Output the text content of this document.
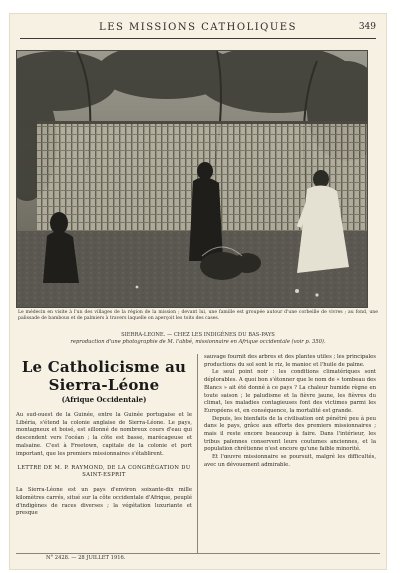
LES MISSIONS CATHOLIQUES	349
Le médecin en visite à l'un des villages de la région de la mission ; devant lui, une famille est groupée autour d'une corbeille de vivres ; au fond, une palissade de bambous et de palmiers à travers laquelle on aperçoit les toits des cases.
SIERRA-LEONE. — CHEZ LES INDIGÈNES DU BAS-PAYS
reproduction d'une photographie de M. l'abbé, missionnaire en Afrique occidentale (voir p. 350).
Le Catholicisme au Sierra-Léone
(Afrique Occidentale)
Au sud-ouest de la Guinée, entre la Guinée portugaise et le Libéria, s'étend la colonie anglaise de Sierra-Léone. Le pays, montagneux et boisé, est sillonné de nombreux cours d'eau qui descendent vers l'océan ; la côte est basse, marécageuse et malsaine. C'est à Freetown, capitale de la colonie et port important, que les premiers missionnaires s'établirent.
LETTRE DE M. P. RAYMOND, DE LA CONGRÉGATION DU SAINT-ESPRIT
La Sierra-Léone est un pays d'environ soixante-dix mille kilomètres carrés, situé sur la côte occidentale d'Afrique, peuplé d'indigènes de races diverses ; la végétation luxuriante et presque
sauvage fournit des arbres et des plantes utiles ; les principales productions du sol sont le riz, le manioc et l'huile de palme.
Le seul point noir : les conditions climatériques sont déplorables. A quoi bon s'étonner que le nom de « tombeau des Blancs » ait été donné à ce pays ? La chaleur humide règne en toute saison ; le paludisme et la fièvre jaune, les fièvres du climat, les maladies contagieuses font des victimes parmi les Européens et, en conséquence, la mortalité est grande.
Depuis, les bienfaits de la civilisation ont pénétré peu à peu dans le pays, grâce aux efforts des premiers missionnaires ; mais il reste encore beaucoup à faire. Dans l'intérieur, les tribus païennes conservent leurs coutumes anciennes, et la population chrétienne n'est encore qu'une faible minorité.
Et l'œuvre missionnaire se poursuit, malgré les difficultés, avec un dévouement admirable.
N° 2428. — 28 JUILLET 1916.
